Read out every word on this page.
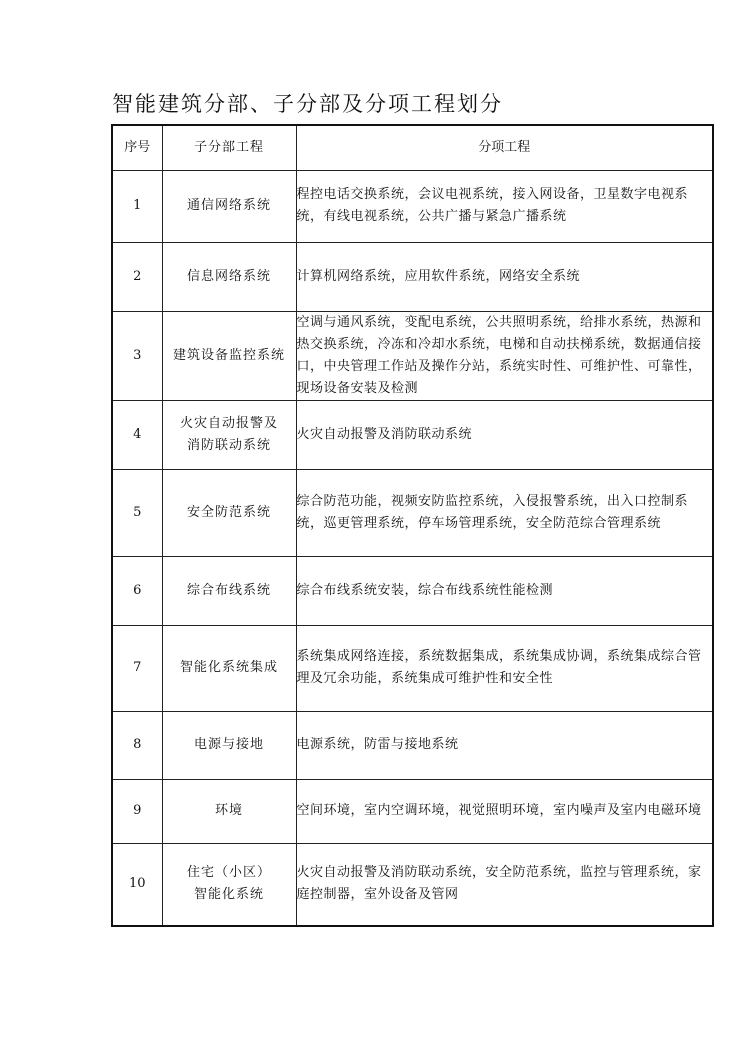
智能建筑分部、子分部及分项工程划分
序号	子分部工程	分项工程
1	通信网络系统	程控电话交换系统，会议电视系统，接入网设备，卫星数字电视系统，有线电视系统，公共广播与紧急广播系统
2	信息网络系统	计算机网络系统，应用软件系统，网络安全系统
3	建筑设备监控系统	空调与通风系统，变配电系统，公共照明系统，给排水系统，热源和热交换系统，冷冻和冷却水系统，电梯和自动扶梯系统，数据通信接口，中央管理工作站及操作分站，系统实时性、可维护性、可靠性，现场设备安装及检测
4	火灾自动报警及
消防联动系统	火灾自动报警及消防联动系统
5	安全防范系统	综合防范功能，视频安防监控系统，入侵报警系统，出入口控制系统，巡更管理系统，停车场管理系统，安全防范综合管理系统
6	综合布线系统	综合布线系统安装，综合布线系统性能检测
7	智能化系统集成	系统集成网络连接，系统数据集成，系统集成协调，系统集成综合管理及冗余功能，系统集成可维护性和安全性
8	电源与接地	电源系统，防雷与接地系统
9	环境	空间环境，室内空调环境，视觉照明环境，室内噪声及室内电磁环境
10	住宅（小区）
智能化系统	火灾自动报警及消防联动系统，安全防范系统，监控与管理系统，家庭控制器，室外设备及管网
